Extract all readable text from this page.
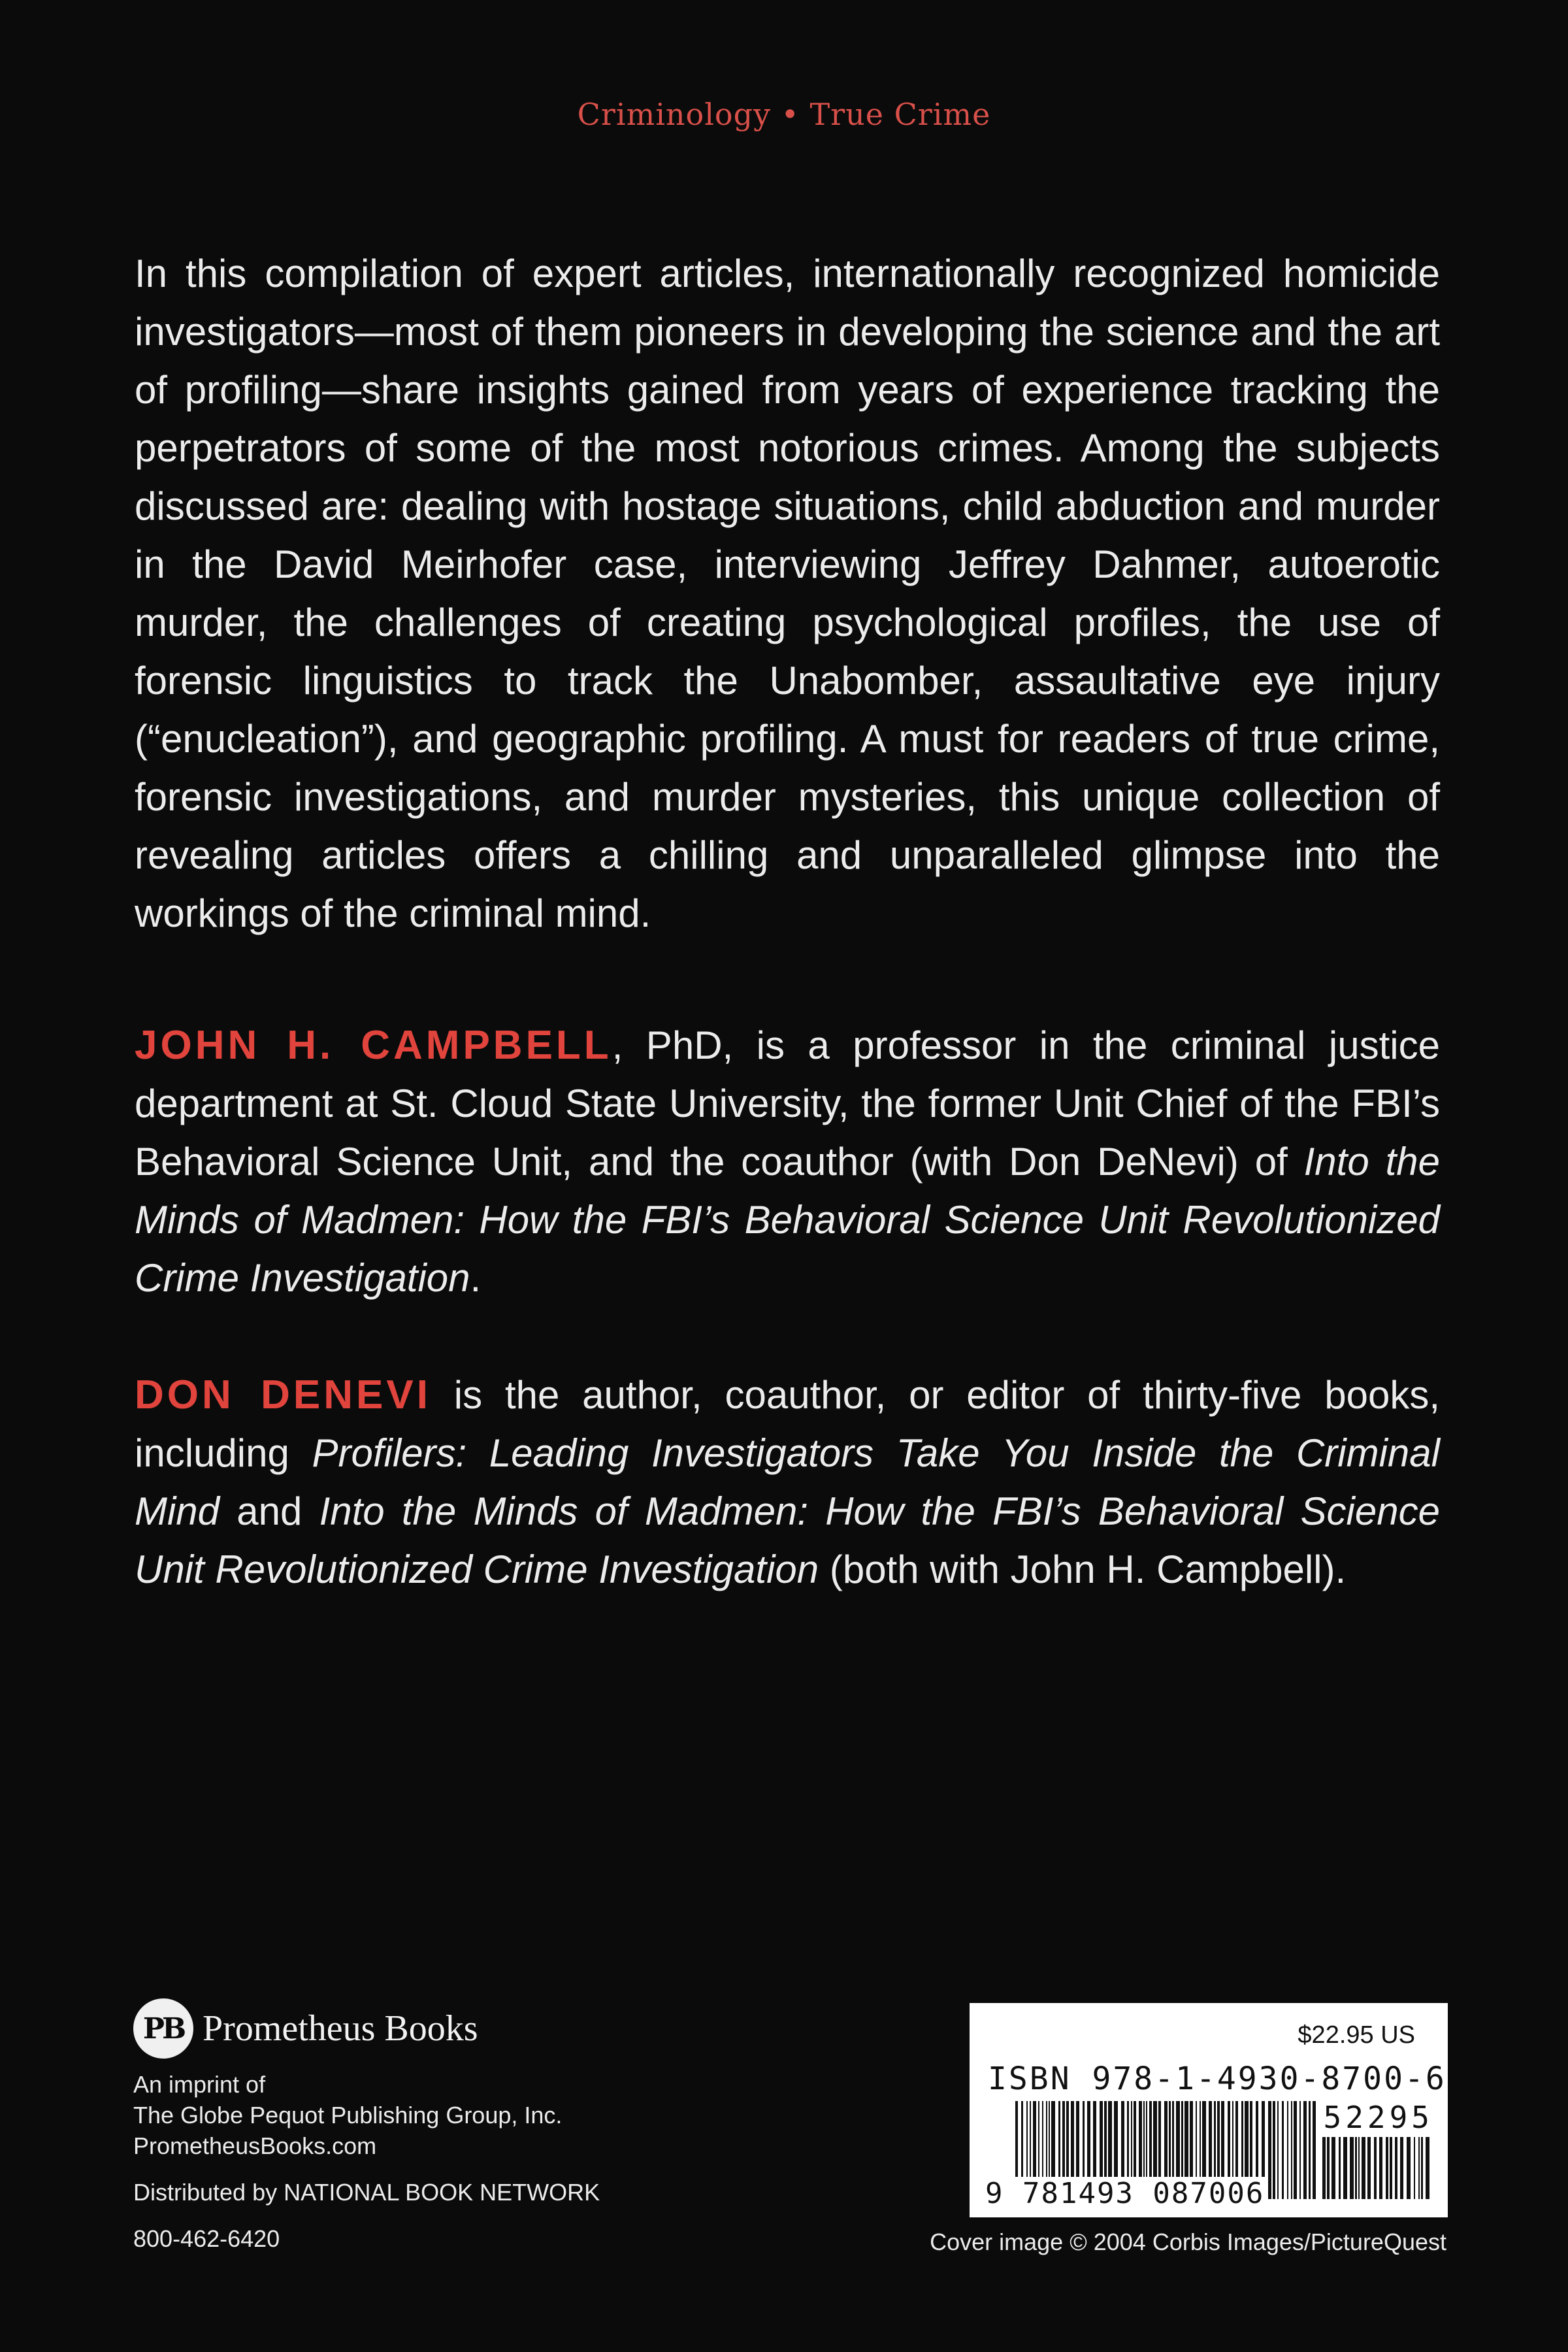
Criminology • True Crime
In this compilation of expert articles, internationally recognized homicide investigators—most of them pioneers in developing the science and the art of profiling—share insights gained from years of experience tracking the perpetrators of some of the most notorious crimes. Among the subjects discussed are: dealing with hostage situations, child abduction and murder in the David Meirhofer case, interviewing Jeffrey Dahmer, autoerotic murder, the challenges of creating psychological profiles, the use of forensic linguistics to track the Unabomber, assaultative eye injury (“enucleation”), and geographic profiling. A must for readers of true crime, forensic investigations, and murder mysteries, this unique collection of revealing articles offers a chilling and unparalleled glimpse into the workings of the criminal mind.
JOHN H. CAMPBELL, PhD, is a professor in the criminal justice department at St. Cloud State University, the former Unit Chief of the FBI’s Behavioral Science Unit, and the coauthor (with Don DeNevi) of Into the Minds of Madmen: How the FBI’s Behavioral Science Unit Revolutionized Crime Investigation.
DON DENEVI is the author, coauthor, or editor of thirty-five books, including Profilers: Leading Investigators Take You Inside the Criminal Mind and Into the Minds of Madmen: How the FBI’s Behavioral Science Unit Revolutionized Crime Investigation (both with John H. Campbell).
PB Prometheus Books
An imprint of
The Globe Pequot Publishing Group, Inc.
PrometheusBooks.com
Distributed by NATIONAL BOOK NETWORK
800-462-6420
$22.95 US
ISBN 978-1-4930-8700-6
52295
9 781493 087006
Cover image © 2004 Corbis Images/PictureQuest
